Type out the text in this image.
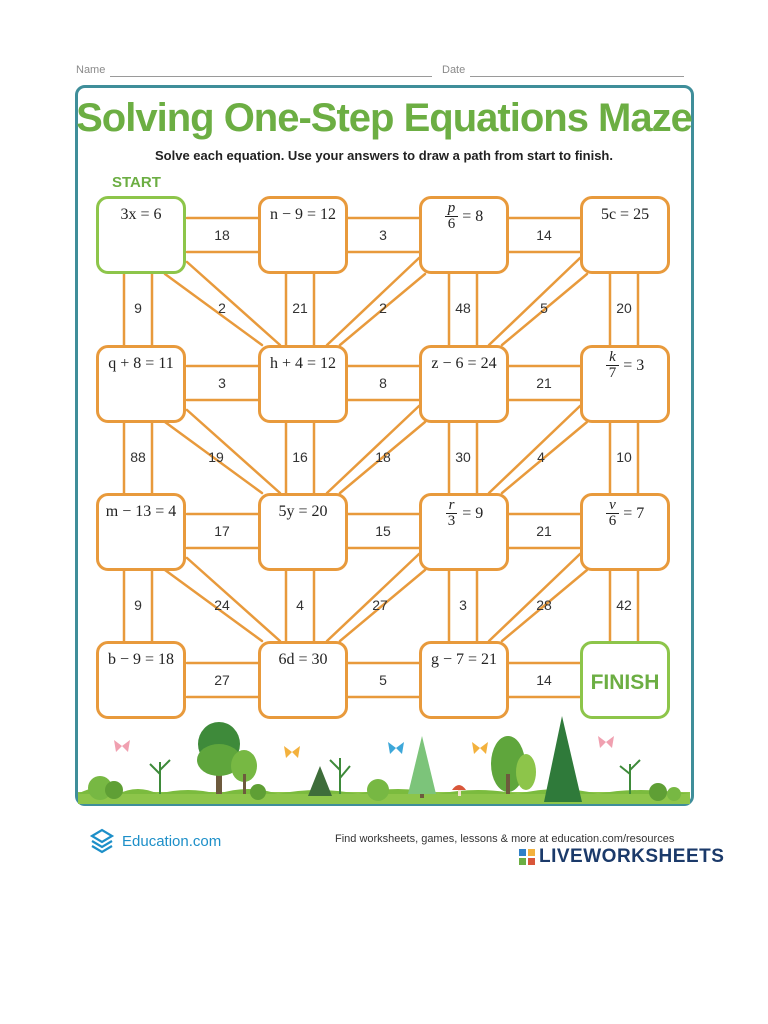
Name	Date
Solving One-Step Equations Maze
Solve each equation. Use your answers to draw a path from start to finish.
START
3x = 6	n − 9 = 12	$\frac{p}{6} = 8$	5c = 25
q + 8 = 11	h + 4 = 12	z − 6 = 24	$\frac{k}{7} = 3$
m − 13 = 4	5y = 20	$\frac{r}{3} = 9$	$\frac{v}{6} = 7$
b − 9 = 18	6d = 30	g − 7 = 21
FINISH
18	3	14
3	8	21
17	15	21
27	5	14
9	21	48	20
88	16	30	10
9	4	3	42
2	2	5
19	18	4
24	27	28
Education.com	Find worksheets, games, lessons & more at education.com/resources
LIVEWORKSHEETS
